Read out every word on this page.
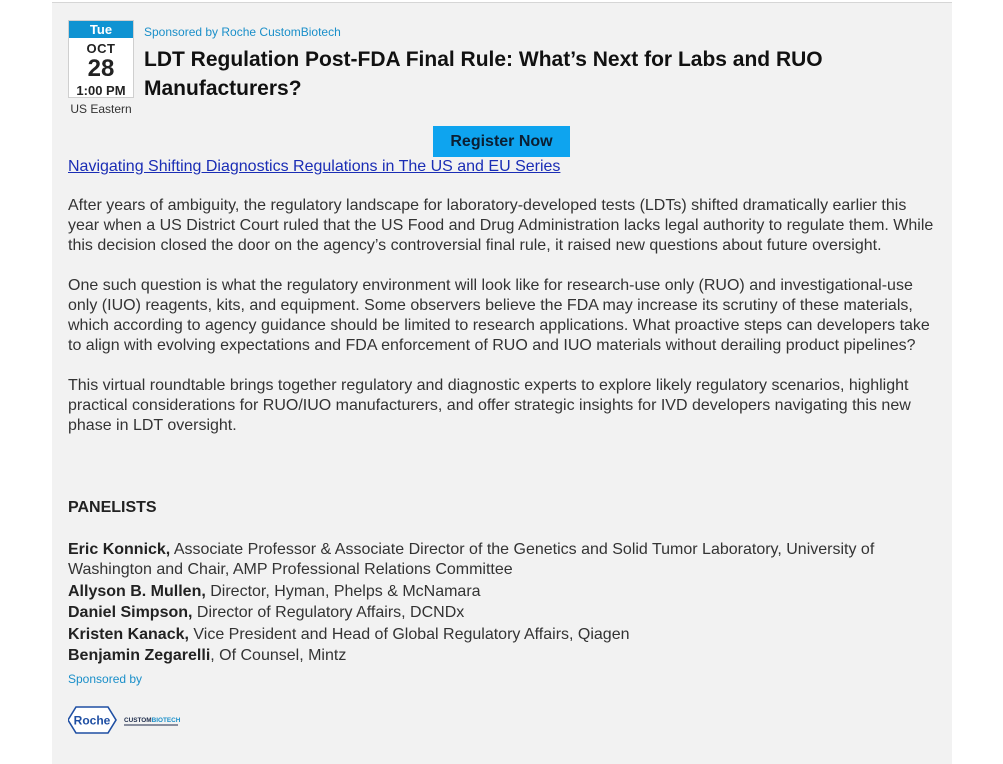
Tue
OCT
28
1:00 PM
US Eastern
Sponsored by Roche CustomBiotech
LDT Regulation Post-FDA Final Rule: What’s Next for Labs and RUO Manufacturers?
Register Now
Navigating Shifting Diagnostics Regulations in The US and EU Series

After years of ambiguity, the regulatory landscape for laboratory-developed tests (LDTs) shifted dramatically earlier this year when a US District Court ruled that the US Food and Drug Administration lacks legal authority to regulate them. While this decision closed the door on the agency’s controversial final rule, it raised new questions about future oversight.

One such question is what the regulatory environment will look like for research-use only (RUO) and investigational-use only (IUO) reagents, kits, and equipment. Some observers believe the FDA may increase its scrutiny of these materials, which according to agency guidance should be limited to research applications. What proactive steps can developers take to align with evolving expectations and FDA enforcement of RUO and IUO materials without derailing product pipelines?

This virtual roundtable brings together regulatory and diagnostic experts to explore likely regulatory scenarios, highlight practical considerations for RUO/IUO manufacturers, and offer strategic insights for IVD developers navigating this new phase in LDT oversight.

PANELISTS
Eric Konnick, Associate Professor & Associate Director of the Genetics and Solid Tumor Laboratory, University of Washington and Chair, AMP Professional Relations Committee
Allyson B. Mullen, Director, Hyman, Phelps & McNamara
Daniel Simpson, Director of Regulatory Affairs, DCNDx
Kristen Kanack, Vice President and Head of Global Regulatory Affairs, Qiagen
Benjamin Zegarelli, Of Counsel, Mintz
Sponsored by
Roche CUSTOMBIOTECH
